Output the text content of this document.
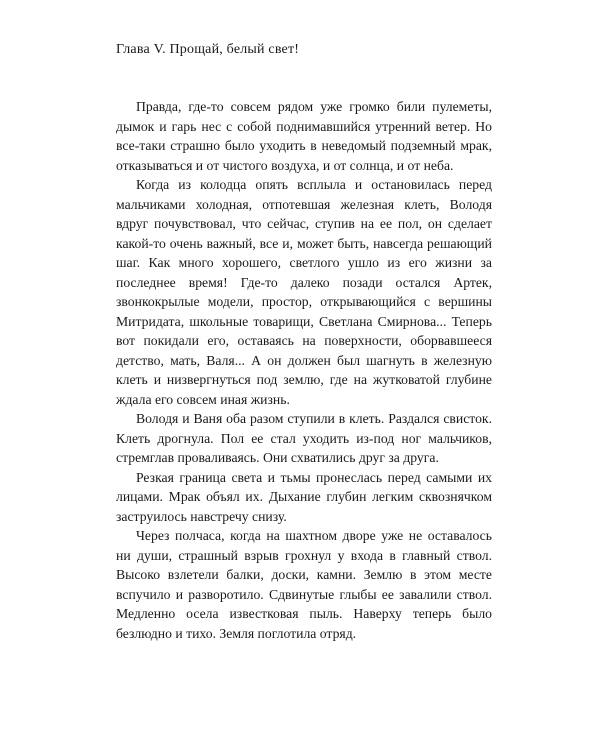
Глава V. Прощай, белый свет!

Правда, где-то совсем рядом уже громко били пулеметы, дымок и гарь нес с собой поднимавшийся утренний ветер. Но все-таки страшно было уходить в неведомый подземный мрак, отказываться и от чистого воздуха, и от солнца, и от неба.

Когда из колодца опять всплыла и остановилась перед мальчиками холодная, отпотевшая железная клеть, Володя вдруг почувствовал, что сейчас, ступив на ее пол, он сделает какой-то очень важный, все и, может быть, навсегда решающий шаг. Как много хорошего, светлого ушло из его жизни за последнее время! Где-то далеко позади остался Артек, звонкокрылые модели, простор, открывающийся с вершины Митридата, школьные товарищи, Светлана Смирнова... Теперь вот покидали его, оставаясь на поверхности, оборвавшееся детство, мать, Валя... А он должен был шагнуть в железную клеть и низвергнуться под землю, где на жутковатой глубине ждала его совсем иная жизнь.

Володя и Ваня оба разом ступили в клеть. Раздался свисток. Клеть дрогнула. Пол ее стал уходить из-под ног мальчиков, стремглав проваливаясь. Они схватились друг за друга.

Резкая граница света и тьмы пронеслась перед самыми их лицами. Мрак объял их. Дыхание глубин легким сквознячком заструилось навстречу снизу.

Через полчаса, когда на шахтном дворе уже не оставалось ни души, страшный взрыв грохнул у входа в главный ствол. Высоко взлетели балки, доски, камни. Землю в этом месте вспучило и разворотило. Сдвинутые глыбы ее завалили ствол. Медленно осела известковая пыль. Наверху теперь было безлюдно и тихо. Земля поглотила отряд.
